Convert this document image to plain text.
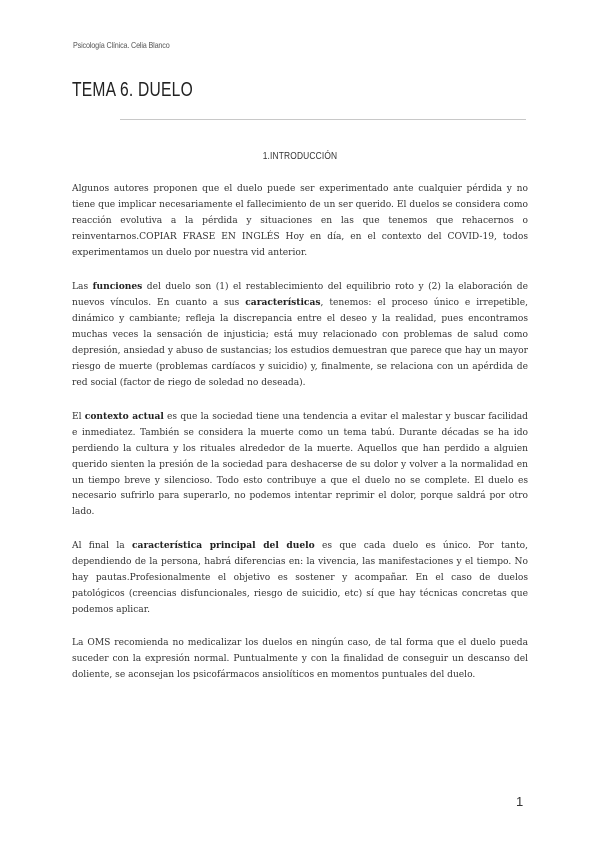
Psicología Clínica. Celia Blanco
TEMA 6. DUELO
1.INTRODUCCIÓN

Algunos autores proponen que el duelo puede ser experimentado ante cualquier pérdida y no tiene que implicar necesariamente el fallecimiento de un ser querido. El duelos se considera como reacción evolutiva a la pérdida y situaciones en las que tenemos que rehacernos o reinventarnos.COPIAR FRASE EN INGLÉS Hoy en día, en el contexto del COVID-19, todos experimentamos un duelo por nuestra vid anterior.

Las funciones del duelo son (1) el restablecimiento del equilibrio roto y (2) la elaboración de nuevos vínculos. En cuanto a sus características, tenemos: el proceso único e irrepetible, dinámico y cambiante; refleja la discrepancia entre el deseo y la realidad, pues encontramos muchas veces la sensación de injusticia; está muy relacionado con problemas de salud como depresión, ansiedad y abuso de sustancias; los estudios demuestran que parece que hay un mayor riesgo de muerte (problemas cardíacos y suicidio) y, finalmente, se relaciona con un apérdida de red social (factor de riego de soledad no deseada).

El contexto actual es que la sociedad tiene una tendencia a evitar el malestar y buscar facilidad e inmediatez. También se considera la muerte como un tema tabú. Durante décadas se ha ido perdiendo la cultura y los rituales alrededor de la muerte. Aquellos que han perdido a alguien querido sienten la presión de la sociedad para deshacerse de su dolor y volver a la normalidad en un tiempo breve y silencioso. Todo esto contribuye a que el duelo no se complete. El duelo es necesario sufrirlo para superarlo, no podemos intentar reprimir el dolor, porque saldrá por otro lado.

Al final la característica principal del duelo es que cada duelo es único. Por tanto, dependiendo de la persona, habrá diferencias en: la vivencia, las manifestaciones y el tiempo. No hay pautas.Profesionalmente el objetivo es sostener y acompañar. En el caso de duelos patológicos (creencias disfuncionales, riesgo de suicidio, etc) sí que hay técnicas concretas que podemos aplicar.

La OMS recomienda no medicalizar los duelos en ningún caso, de tal forma que el duelo pueda suceder con la expresión normal. Puntualmente y con la finalidad de conseguir un descanso del doliente, se aconsejan los psicofármacos ansiolíticos en momentos puntuales del duelo.

1
